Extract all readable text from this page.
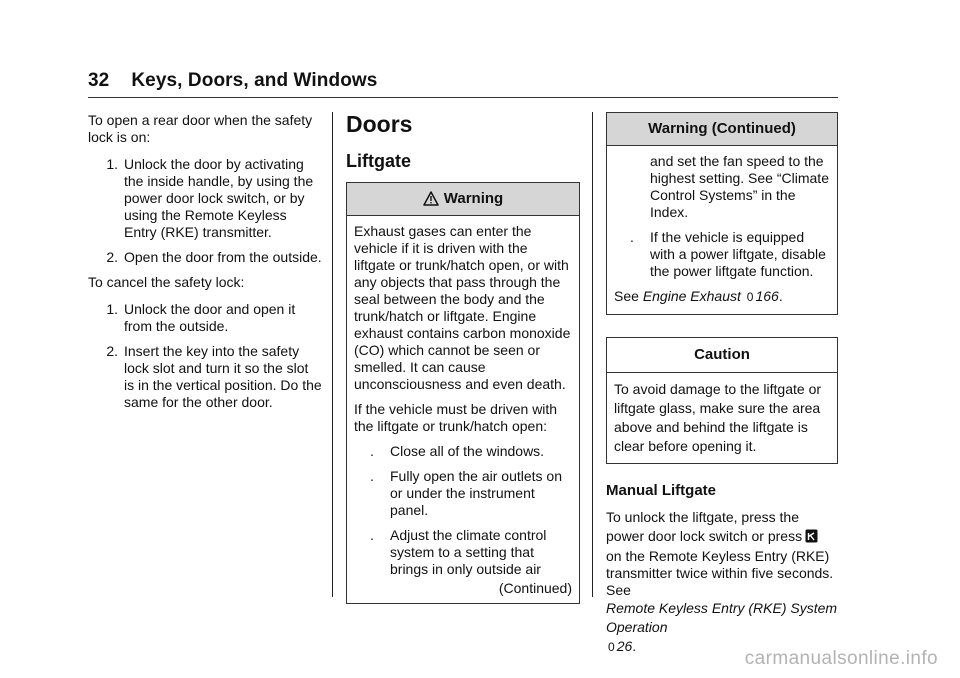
32 Keys, Doors, and Windows

To open a rear door when the safety lock is on:

1. Unlock the door by activating the inside handle, by using the power door lock switch, or by using the Remote Keyless Entry (RKE) transmitter.
2. Open the door from the outside.

To cancel the safety lock:

1. Unlock the door and open it from the outside.
2. Insert the key into the safety lock slot and turn it so the slot is in the vertical position. Do the same for the other door.
Doors
Liftgate
Warning

Exhaust gases can enter the vehicle if it is driven with the liftgate or trunk/hatch open, or with any objects that pass through the seal between the body and the trunk/hatch or liftgate. Engine exhaust contains carbon monoxide (CO) which cannot be seen or smelled. It can cause unconsciousness and even death.

If the vehicle must be driven with the liftgate or trunk/hatch open:

.	Close all of the windows.
.	Fully open the air outlets on or under the instrument panel.
.	Adjust the climate control system to a setting that brings in only outside air
(Continued)
Warning (Continued)

and set the fan speed to the highest setting. See “Climate Control Systems” in the Index.

.	If the vehicle is equipped with a power liftgate, disable the power liftgate function.

See Engine Exhaust 0 166.

Caution

To avoid damage to the liftgate or liftgate glass, make sure the area above and behind the liftgate is clear before opening it.

Manual Liftgate

To unlock the liftgate, press the
power door lock switch or press

on the Remote Keyless Entry (RKE) transmitter twice within five seconds. See
Remote Keyless Entry (RKE) System Operation
0 26.

carmanualsonline.info
